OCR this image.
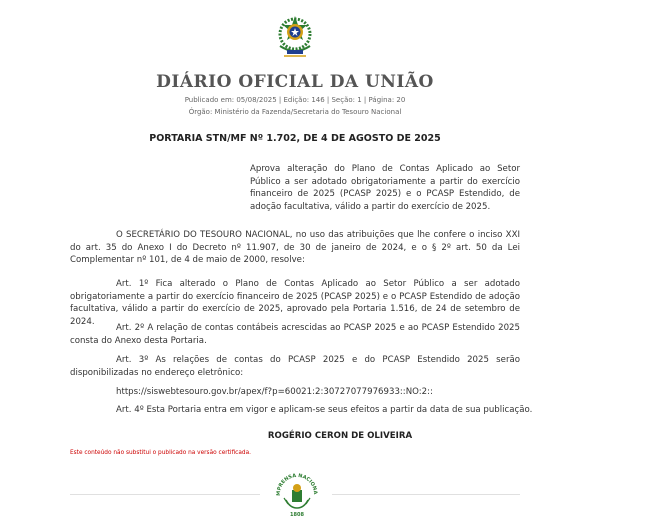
DIÁRIO OFICIAL DA UNIÃO
Publicado em: 05/08/2025 | Edição: 146 | Seção: 1 | Página: 20
Órgão: Ministério da Fazenda/Secretaria do Tesouro Nacional
PORTARIA STN/MF Nº 1.702, DE 4 DE AGOSTO DE 2025
Aprova alteração do Plano de Contas Aplicado ao Setor Público a ser adotado obrigatoriamente a partir do exercício financeiro de 2025 (PCASP 2025) e o PCASP Estendido, de adoção facultativa, válido a partir do exercício de 2025.
O SECRETÁRIO DO TESOURO NACIONAL, no uso das atribuições que lhe confere o inciso XXI do art. 35 do Anexo I do Decreto nº 11.907, de 30 de janeiro de 2024, e o § 2º art. 50 da Lei Complementar nº 101, de 4 de maio de 2000, resolve:
Art. 1º Fica alterado o Plano de Contas Aplicado ao Setor Público a ser adotado obrigatoriamente a partir do exercício financeiro de 2025 (PCASP 2025) e o PCASP Estendido de adoção facultativa, válido a partir do exercício de 2025, aprovado pela Portaria 1.516, de 24 de setembro de 2024.
Art. 2º A relação de contas contábeis acrescidas ao PCASP 2025 e ao PCASP Estendido 2025 consta do Anexo desta Portaria.
Art. 3º As relações de contas do PCASP 2025 e do PCASP Estendido 2025 serão disponibilizadas no endereço eletrônico:
https://siswebtesouro.gov.br/apex/f?p=60021:2:30727077976933::NO:2::
Art. 4º Esta Portaria entra em vigor e aplicam-se seus efeitos a partir da data de sua publicação.
ROGÉRIO CERON DE OLIVEIRA
Este conteúdo não substitui o publicado na versão certificada.
MPRENSA NACIONA
1808
